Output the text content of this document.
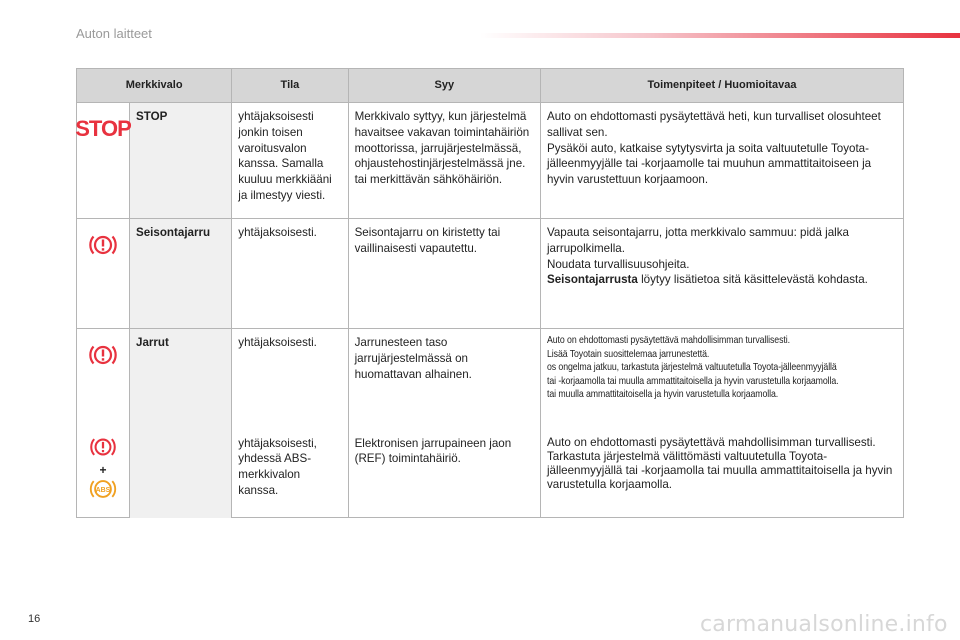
Auton laitteet
Merkkivalo		Tila	Syy	Toimenpiteet / Huomioitavaa

STOP	STOP	yhtäjaksoisesti jonkin toisen varoitusvalon kanssa. Samalla kuuluu merkkiääni ja ilmestyy viesti.	Merkkivalo syttyy, kun järjestelmä havaitsee vakavan toimintahäiriön moottorissa, jarrujärjestelmässä, ohjaustehostinjärjestelmässä jne. tai merkittävän sähköhäiriön.	Auto on ehdottomasti pysäytettävä heti, kun turvalliset olosuhteet sallivat sen.
Pysäköi auto, katkaise sytytysvirta ja soita valtuutetulle Toyota-jälleenmyyjälle tai -korjaamolle tai muuhun ammattitaitoiseen ja hyvin varustettuun korjaamoon.
	Seisontajarru	yhtäjaksoisesti.	Seisontajarru on kiristetty tai vaillinaisesti vapautettu.	Vapauta seisontajarru, jotta merkkivalo sammuu: pidä jalka jarrupolkimella.
Noudata turvallisuusohjeita.
Seisontajarrusta löytyy lisätietoa sitä käsittelevästä kohdasta.
	Jarrut	yhtäjaksoisesti.	Jarrunesteen taso jarrujärjestelmässä on huomattavan alhainen.	Auto on ehdottomasti pysäytettävä mahdollisimman turvallisesti.
Lisää Toyotain suosittelemaa jarrunestettä.
os ongelma jatkuu, tarkastuta järjestelmä valtuutetulla Toyota-jälleenmyyjällä tai -korjaamolla tai muulla ammattitaitoisella ja hyvin varustetulla korjaamolla. tai muulla ammattitaitoisella ja hyvin varustetulla korjaamolla.

+
ABS		yhtäjaksoisesti, yhdessä ABS-merkkivalon kanssa.	Elektronisen jarrupaineen jaon (REF) toimintahäiriö.	Auto on ehdottomasti pysäytettävä mahdollisimman turvallisesti.
Tarkastuta järjestelmä välittömästi valtuutetulla Toyota-jälleenmyyjällä tai -korjaamolla tai muulla ammattitaitoisella ja hyvin varustetulla korjaamolla.
16	carmanualsonline.info
